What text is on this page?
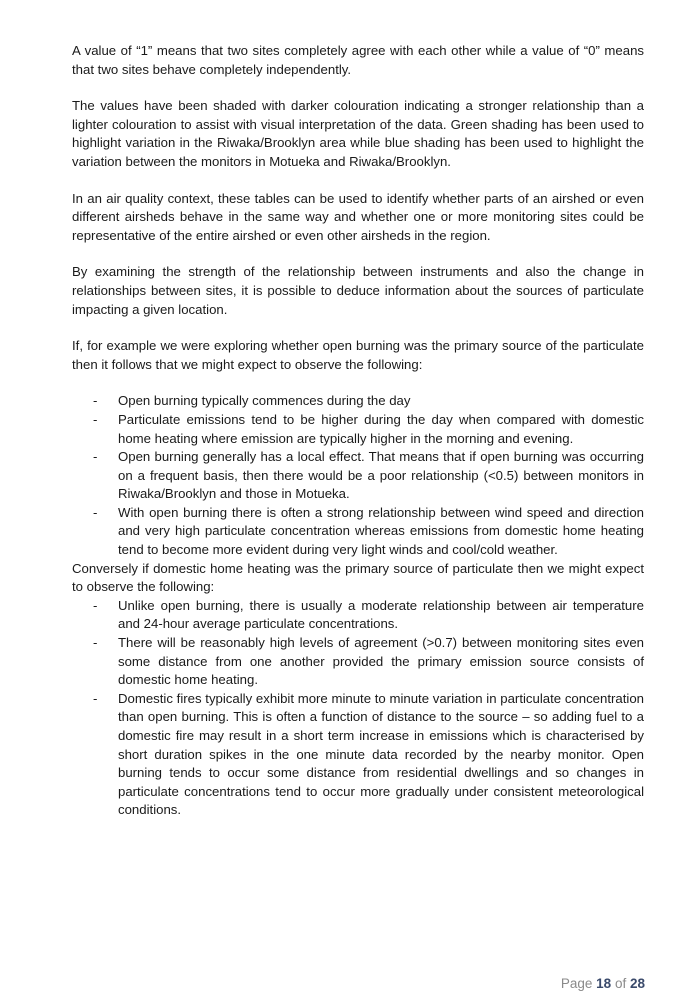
A value of “1” means that two sites completely agree with each other while a value of “0” means that two sites behave completely independently.

The values have been shaded with darker colouration indicating a stronger relationship than a lighter colouration to assist with visual interpretation of the data. Green shading has been used to highlight variation in the Riwaka/Brooklyn area while blue shading has been used to highlight the variation between the monitors in Motueka and Riwaka/Brooklyn.

In an air quality context, these tables can be used to identify whether parts of an airshed or even different airsheds behave in the same way and whether one or more monitoring sites could be representative of the entire airshed or even other airsheds in the region.

By examining the strength of the relationship between instruments and also the change in relationships between sites, it is possible to deduce information about the sources of particulate impacting a given location.

If, for example we were exploring whether open burning was the primary source of the particulate then it follows that we might expect to observe the following:

- Open burning typically commences during the day
- Particulate emissions tend to be higher during the day when compared with domestic home heating where emission are typically higher in the morning and evening.
- Open burning generally has a local effect. That means that if open burning was occurring on a frequent basis, then there would be a poor relationship (<0.5) between monitors in Riwaka/Brooklyn and those in Motueka.
- With open burning there is often a strong relationship between wind speed and direction and very high particulate concentration whereas emissions from domestic home heating tend to become more evident during very light winds and cool/cold weather.

Conversely if domestic home heating was the primary source of particulate then we might expect to observe the following:

- Unlike open burning, there is usually a moderate relationship between air temperature and 24-hour average particulate concentrations.
- There will be reasonably high levels of agreement (>0.7) between monitoring sites even some distance from one another provided the primary emission source consists of domestic home heating.
- Domestic fires typically exhibit more minute to minute variation in particulate concentration than open burning. This is often a function of distance to the source – so adding fuel to a domestic fire may result in a short term increase in emissions which is characterised by short duration spikes in the one minute data recorded by the nearby monitor. Open burning tends to occur some distance from residential dwellings and so changes in particulate concentrations tend to occur more gradually under consistent meteorological conditions.
Page 18 of 28
